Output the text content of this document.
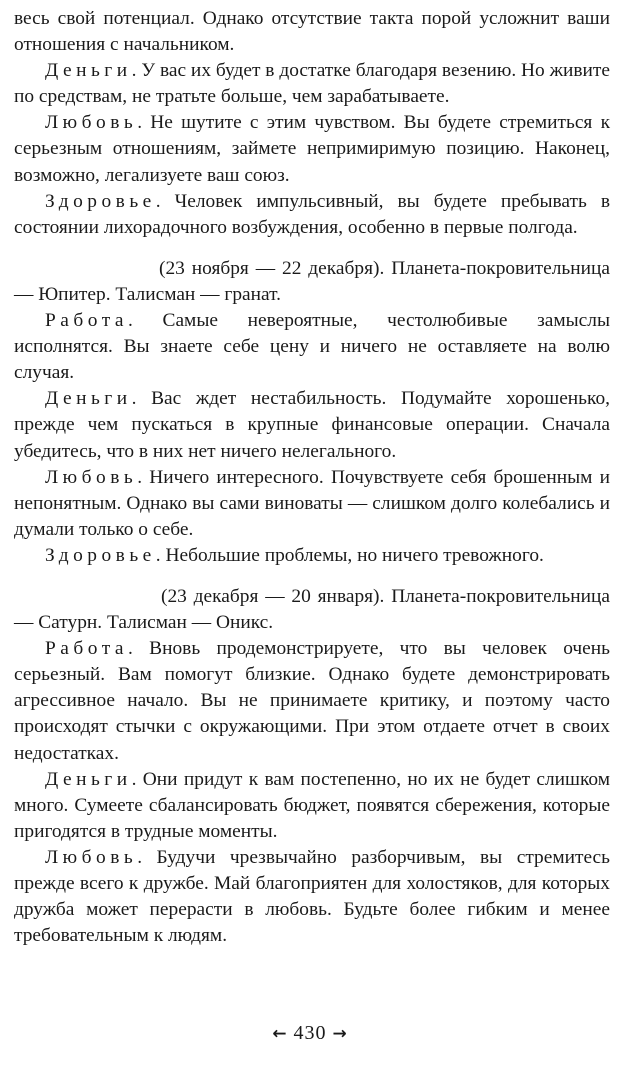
весь свой потенциал. Однако отсутствие такта порой усложнит ваши отношения с начальником.

Деньги. У вас их будет в достатке благодаря везению. Но живите по средствам, не тратьте больше, чем зарабатываете.

Любовь. Не шутите с этим чувством. Вы будете стремиться к серьезным отношениям, займете непримиримую позицию. Наконец, возможно, легализуете ваш союз.

Здоровье. Человек импульсивный, вы будете пребывать в состоянии лихорадочного возбуждения, особенно в первые полгода.

(23 ноября — 22 декабря). Планета-покровительница — Юпитер. Талисман — гранат.

Работа. Самые невероятные, честолюбивые замыслы исполнятся. Вы знаете себе цену и ничего не оставляете на волю случая.

Деньги. Вас ждет нестабильность. Подумайте хорошенько, прежде чем пускаться в крупные финансовые операции. Сначала убедитесь, что в них нет ничего нелегального.

Любовь. Ничего интересного. Почувствуете себя брошенным и непонятным. Однако вы сами виноваты — слишком долго колебались и думали только о себе.

Здоровье. Небольшие проблемы, но ничего тревожного.

(23 декабря — 20 января). Планета-покровительница — Сатурн. Талисман — Оникс.

Работа. Вновь продемонстрируете, что вы человек очень серьезный. Вам помогут близкие. Однако будете демонстрировать агрессивное начало. Вы не принимаете критику, и поэтому часто происходят стычки с окружающими. При этом отдаете отчет в своих недостатках.

Деньги. Они придут к вам постепенно, но их не будет слишком много. Сумеете сбалансировать бюджет, появятся сбережения, которые пригодятся в трудные моменты.

Любовь. Будучи чрезвычайно разборчивым, вы стремитесь прежде всего к дружбе. Май благоприятен для холостяков, для которых дружба может перерасти в любовь. Будьте более гибким и менее требовательным к людям.

← 430 →
